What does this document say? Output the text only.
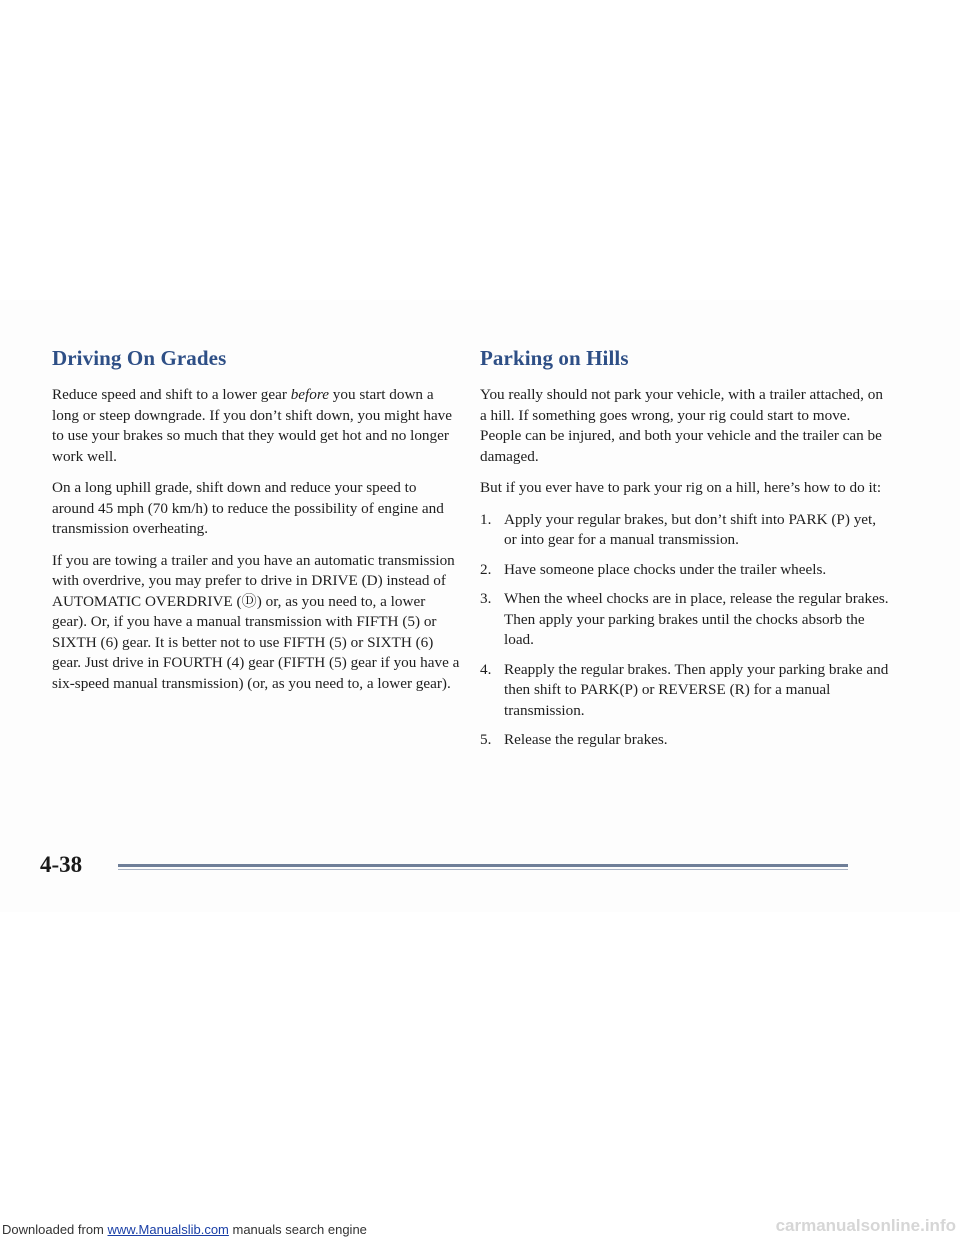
Driving On Grades

Reduce speed and shift to a lower gear before you start down a long or steep downgrade. If you don’t shift down, you might have to use your brakes so much that they would get hot and no longer work well.

On a long uphill grade, shift down and reduce your speed to around 45 mph (70 km/h) to reduce the possibility of engine and transmission overheating.

If you are towing a trailer and you have an automatic transmission with overdrive, you may prefer to drive in DRIVE (D) instead of AUTOMATIC OVERDRIVE (Ⓓ) or, as you need to, a lower gear). Or, if you have a manual transmission with FIFTH (5) or SIXTH (6) gear. It is better not to use FIFTH (5) or SIXTH (6) gear. Just drive in FOURTH (4) gear (FIFTH (5) gear if you have a six-speed manual transmission) (or, as you need to, a lower gear).

Parking on Hills

You really should not park your vehicle, with a trailer attached, on a hill. If something goes wrong, your rig could start to move. People can be injured, and both your vehicle and the trailer can be damaged.

But if you ever have to park your rig on a hill, here’s how to do it:

1. Apply your regular brakes, but don’t shift into PARK (P) yet, or into gear for a manual transmission.
2. Have someone place chocks under the trailer wheels.
3. When the wheel chocks are in place, release the regular brakes. Then apply your parking brakes until the chocks absorb the load.
4. Reapply the regular brakes. Then apply your parking brake and then shift to PARK(P) or REVERSE (R) for a manual transmission.
5. Release the regular brakes.
4-38
Downloaded from www.Manualslib.com manuals search engine	carmanualsonline.info
